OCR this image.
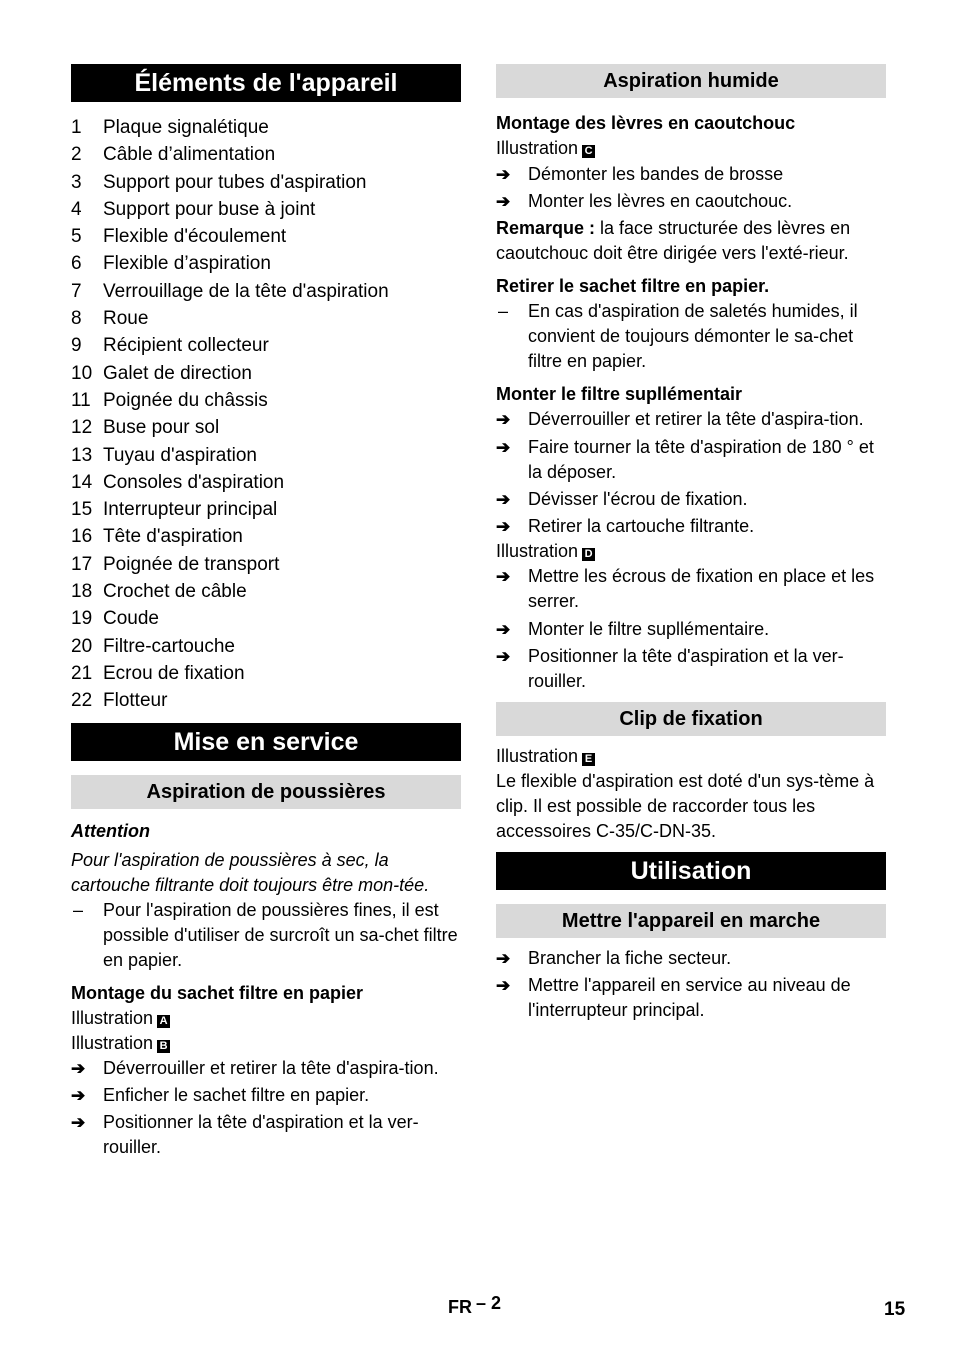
Éléments de l'appareil
1 Plaque signalétique
2 Câble d’alimentation
3 Support pour tubes d'aspiration
4 Support pour buse à joint
5 Flexible d'écoulement
6 Flexible d’aspiration
7 Verrouillage de la tête d'aspiration
8 Roue
9 Récipient collecteur
10 Galet de direction
11 Poignée du châssis
12 Buse pour sol
13 Tuyau d'aspiration
14 Consoles d'aspiration
15 Interrupteur principal
16 Tête d'aspiration
17 Poignée de transport
18 Crochet de câble
19 Coude
20 Filtre-cartouche
21 Ecrou de fixation
22 Flotteur
Mise en service
Aspiration de poussières
Attention
Pour l'aspiration de poussières à sec, la cartouche filtrante doit toujours être mon-tée.
–	Pour l'aspiration de poussières fines, il est possible d'utiliser de surcroît un sa-chet filtre en papier.
Montage du sachet filtre en papier
Illustration A
Illustration B
➔ Déverrouiller et retirer la tête d'aspira-tion.
➔ Enficher le sachet filtre en papier.
➔ Positionner la tête d'aspiration et la ver-rouiller.
Aspiration humide
Montage des lèvres en caoutchouc
Illustration C
➔ Démonter les bandes de brosse
➔ Monter les lèvres en caoutchouc.
Remarque : la face structurée des lèvres en caoutchouc doit être dirigée vers l'exté-rieur.
Retirer le sachet filtre en papier.
–	En cas d'aspiration de saletés humides, il convient de toujours démonter le sa-chet filtre en papier.
Monter le filtre supllémentair
➔ Déverrouiller et retirer la tête d'aspira-tion.
➔ Faire tourner la tête d'aspiration de 180 ° et la déposer.
➔ Dévisser l'écrou de fixation.
➔ Retirer la cartouche filtrante.
Illustration D
➔ Mettre les écrous de fixation en place et les serrer.
➔ Monter le filtre supllémentaire.
➔ Positionner la tête d'aspiration et la ver-rouiller.
Clip de fixation
Illustration E
Le flexible d'aspiration est doté d'un sys-tème à clip. Il est possible de raccorder tous les accessoires C-35/C-DN-35.
Utilisation
Mettre l'appareil en marche
➔ Brancher la fiche secteur.
➔ Mettre l'appareil en service au niveau de l'interrupteur principal.
FR – 2	15
